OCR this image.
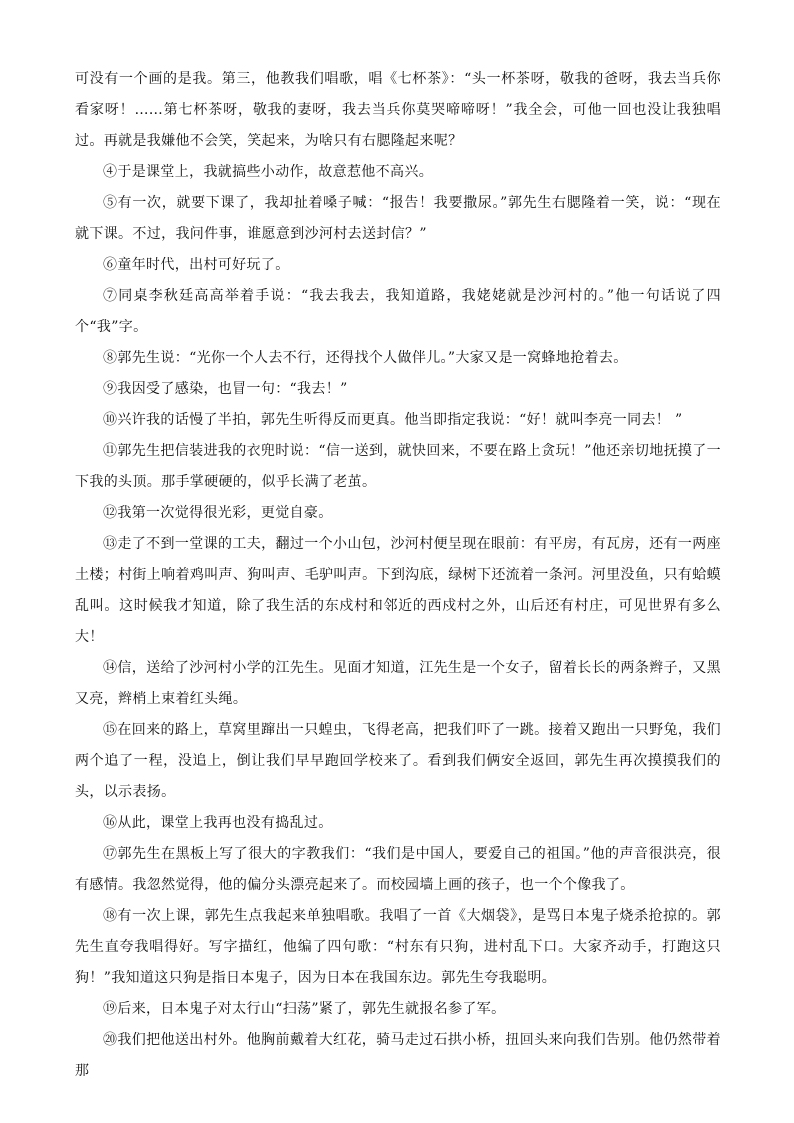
可没有一个画的是我。第三，他教我们唱歌，唱《七杯茶》：“头一杯茶呀，敬我的爸呀，我去当兵你看家呀！……第七杯茶呀，敬我的妻呀，我去当兵你莫哭啼啼呀！”我全会，可他一回也没让我独唱过。再就是我嫌他不会笑，笑起来，为啥只有右腮隆起来呢？

④于是课堂上，我就搞些小动作，故意惹他不高兴。

⑤有一次，就要下课了，我却扯着嗓子喊：“报告！我要撒尿。”郭先生右腮隆着一笑，说：“现在就下课。不过，我问件事，谁愿意到沙河村去送封信？”

⑥童年时代，出村可好玩了。

⑦同桌李秋廷高高举着手说：“我去我去，我知道路，我姥姥就是沙河村的。”他一句话说了四个“我”字。

⑧郭先生说：“光你一个人去不行，还得找个人做伴儿。”大家又是一窝蜂地抢着去。

⑨我因受了感染，也冒一句：“我去！”

⑩兴许我的话慢了半拍，郭先生听得反而更真。他当即指定我说：“好！就叫李亮一同去！ ”

⑪郭先生把信装进我的衣兜时说：“信一送到，就快回来，不要在路上贪玩！”他还亲切地抚摸了一下我的头顶。那手掌硬硬的，似乎长满了老茧。

⑫我第一次觉得很光彩，更觉自豪。

⑬走了不到一堂课的工夫，翻过一个小山包，沙河村便呈现在眼前：有平房，有瓦房，还有一两座土楼；村街上响着鸡叫声、狗叫声、毛驴叫声。下到沟底，绿树下还流着一条河。河里没鱼，只有蛤蟆乱叫。这时候我才知道，除了我生活的东戍村和邻近的西戍村之外，山后还有村庄，可见世界有多么大！

⑭信，送给了沙河村小学的江先生。见面才知道，江先生是一个女子，留着长长的两条辫子，又黑又亮，辫梢上束着红头绳。

⑮在回来的路上，草窝里蹿出一只蝗虫，飞得老高，把我们吓了一跳。接着又跑出一只野兔，我们两个追了一程，没追上，倒让我们早早跑回学校来了。看到我们俩安全返回，郭先生再次摸摸我们的头，以示表扬。

⑯从此，课堂上我再也没有捣乱过。

⑰郭先生在黑板上写了很大的字教我们：“我们是中国人，要爱自己的祖国。”他的声音很洪亮，很有感情。我忽然觉得，他的偏分头漂亮起来了。而校园墙上画的孩子，也一个个像我了。

⑱有一次上课，郭先生点我起来单独唱歌。我唱了一首《大烟袋》，是骂日本鬼子烧杀抢掠的。郭先生直夸我唱得好。写字描红，他编了四句歌：“村东有只狗，进村乱下口。大家齐动手，打跑这只狗！”我知道这只狗是指日本鬼子，因为日本在我国东边。郭先生夸我聪明。

⑲后来，日本鬼子对太行山“扫荡”紧了，郭先生就报名参了军。

⑳我们把他送出村外。他胸前戴着大红花，骑马走过石拱小桥，扭回头来向我们告别。他仍然带着那
